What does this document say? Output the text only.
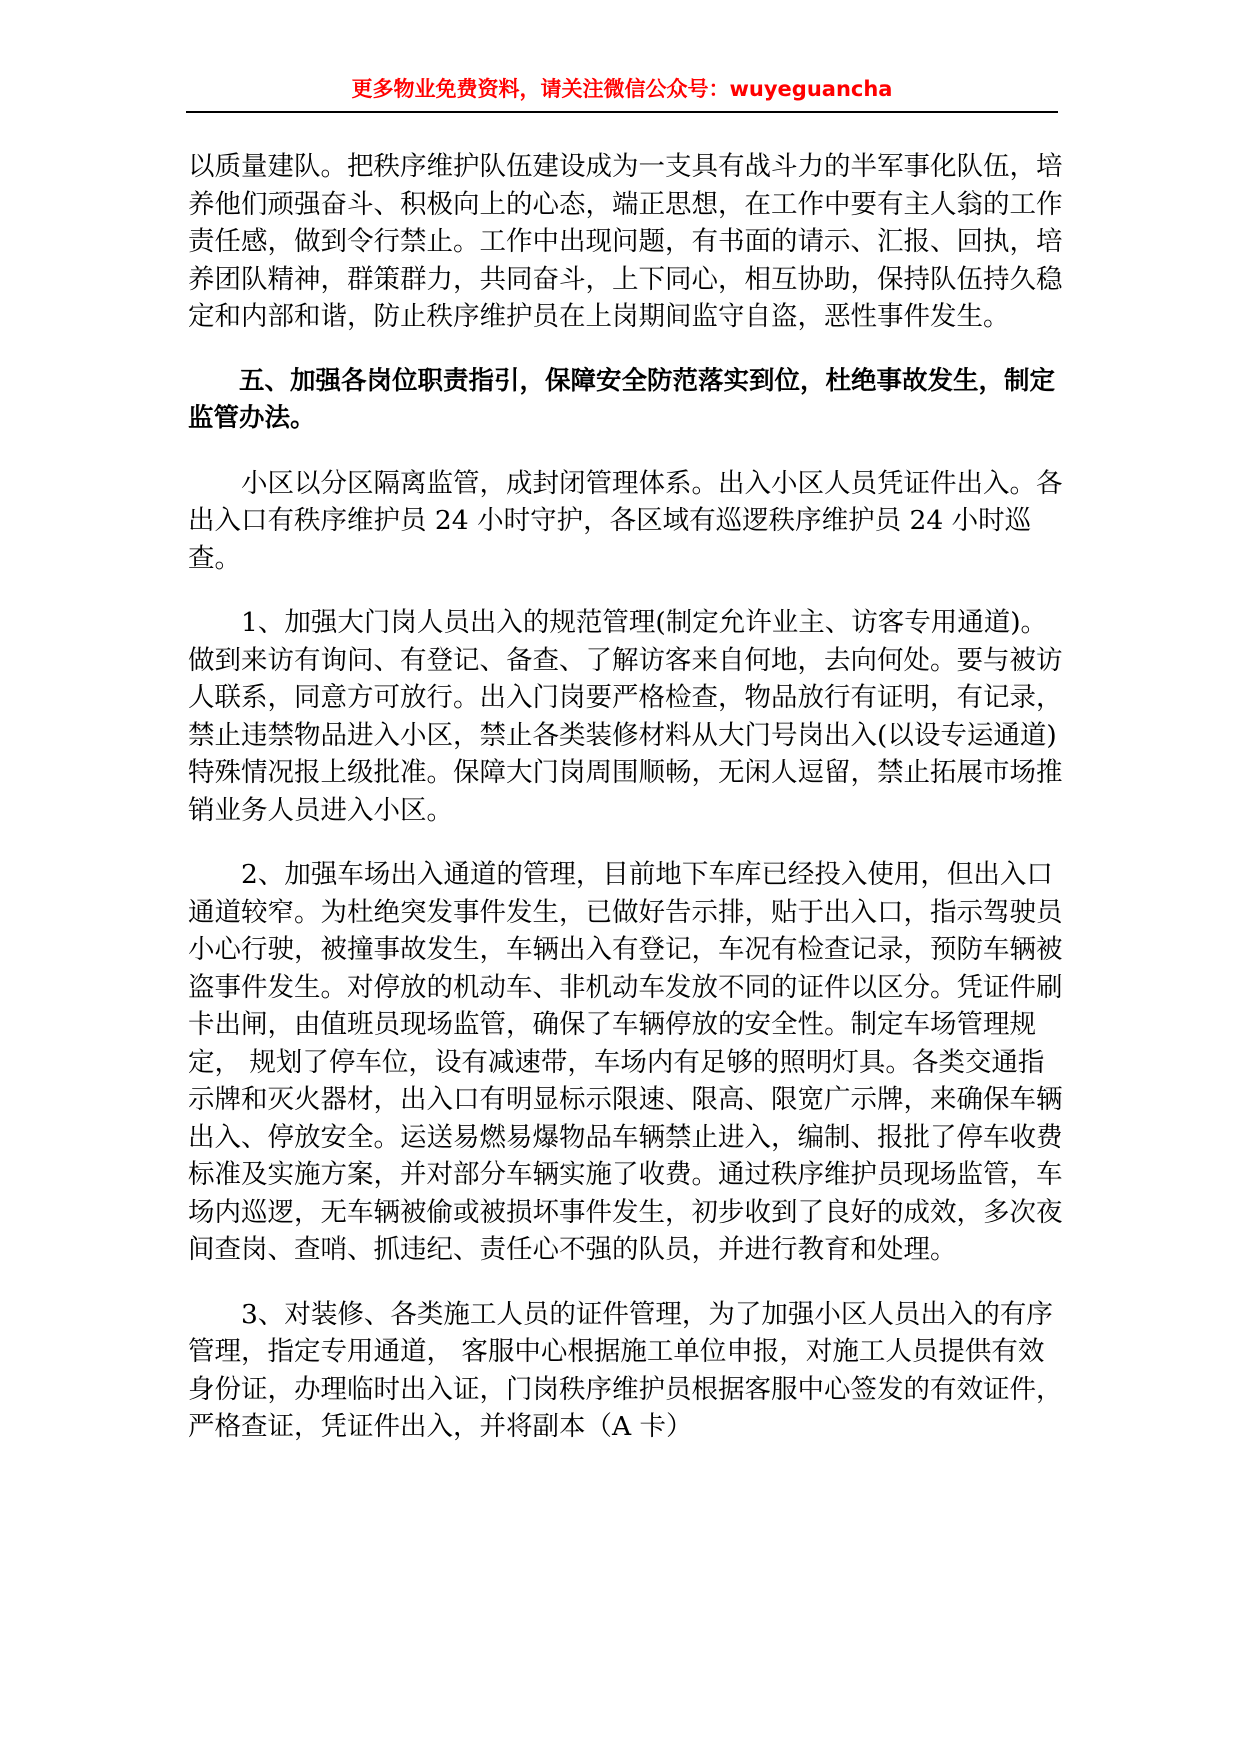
更多物业免费资料，请关注微信公众号：wuyeguancha

以质量建队。把秩序维护队伍建设成为一支具有战斗力的半军事化队伍，培养他们顽强奋斗、积极向上的心态，端正思想，在工作中要有主人翁的工作责任感，做到令行禁止。工作中出现问题，有书面的请示、汇报、回执，培养团队精神，群策群力，共同奋斗，上下同心，相互协助，保持队伍持久稳定和内部和谐，防止秩序维护员在上岗期间监守自盗，恶性事件发生。

五、加强各岗位职责指引，保障安全防范落实到位，杜绝事故发生，制定监管办法。

小区以分区隔离监管，成封闭管理体系。出入小区人员凭证件出入。各出入口有秩序维护员 24 小时守护，各区域有巡逻秩序维护员 24 小时巡查。

1、加强大门岗人员出入的规范管理(制定允许业主、访客专用通道)。做到来访有询问、有登记、备查、了解访客来自何地，去向何处。要与被访人联系，同意方可放行。出入门岗要严格检查，物品放行有证明，有记录，禁止违禁物品进入小区，禁止各类装修材料从大门号岗出入(以设专运通道)特殊情况报上级批准。保障大门岗周围顺畅，无闲人逗留，禁止拓展市场推销业务人员进入小区。

2、加强车场出入通道的管理，目前地下车库已经投入使用，但出入口通道较窄。为杜绝突发事件发生，已做好告示排，贴于出入口，指示驾驶员小心行驶，被撞事故发生，车辆出入有登记，车况有检查记录，预防车辆被盗事件发生。对停放的机动车、非机动车发放不同的证件以区分。凭证件刷卡出闸，由值班员现场监管，确保了车辆停放的安全性。制定车场管理规定， 规划了停车位，设有减速带，车场内有足够的照明灯具。各类交通指示牌和灭火器材，出入口有明显标示限速、限高、限宽广示牌，来确保车辆出入、停放安全。运送易燃易爆物品车辆禁止进入，编制、报批了停车收费标准及实施方案，并对部分车辆实施了收费。通过秩序维护员现场监管，车场内巡逻，无车辆被偷或被损坏事件发生，初步收到了良好的成效，多次夜间查岗、查哨、抓违纪、责任心不强的队员，并进行教育和处理。

3、对装修、各类施工人员的证件管理，为了加强小区人员出入的有序管理，指定专用通道， 客服中心根据施工单位申报，对施工人员提供有效身份证，办理临时出入证，门岗秩序维护员根据客服中心签发的有效证件，严格查证，凭证件出入，并将副本（A 卡）
